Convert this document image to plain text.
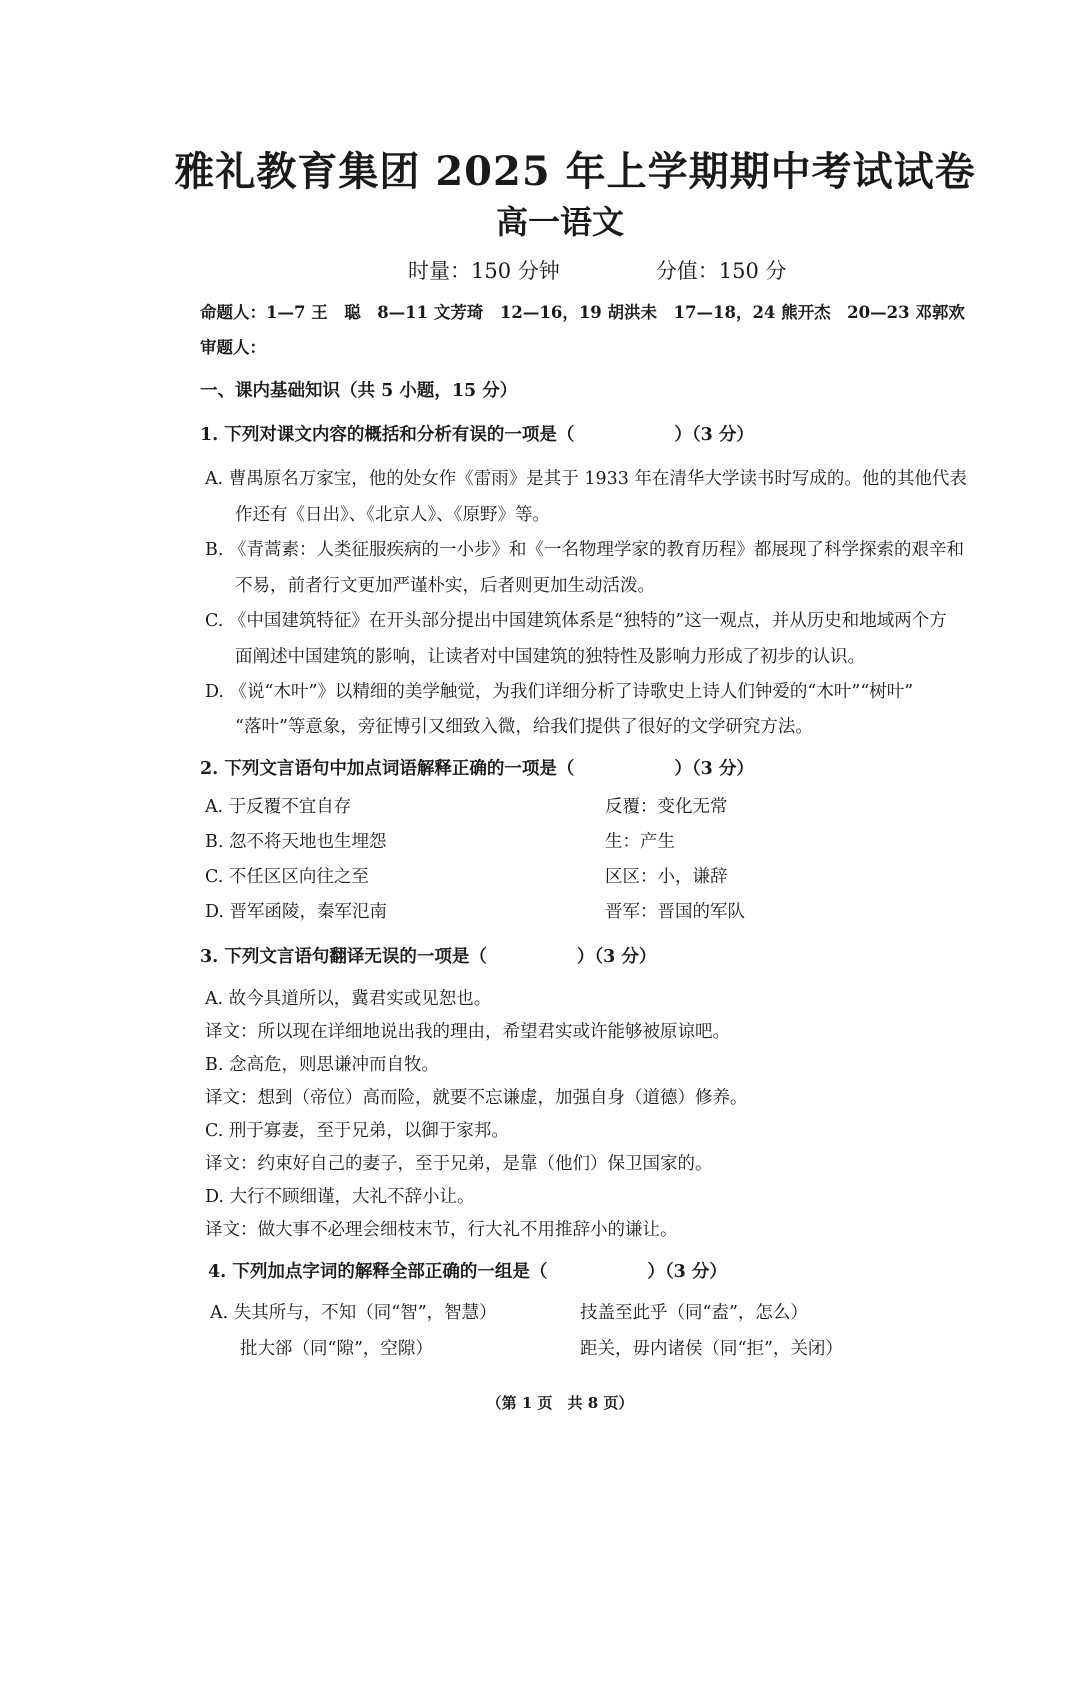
雅礼教育集团 2025 年上学期期中考试试卷
高一语文
时量：150 分钟	分值：150 分
命题人：1—7 王　聪　8—11 文芳琦　12—16，19 胡洪未　17—18，24 熊开杰　20—23 邓郭欢
审题人：
一、课内基础知识（共 5 小题，15 分）
1. 下列对课文内容的概括和分析有误的一项是（	）（3 分）
A. 曹禺原名万家宝，他的处女作《雷雨》是其于 1933 年在清华大学读书时写成的。他的其他代表
作还有《日出》、《北京人》、《原野》等。
B. 《青蒿素：人类征服疾病的一小步》和《一名物理学家的教育历程》都展现了科学探索的艰辛和
不易，前者行文更加严谨朴实，后者则更加生动活泼。
C. 《中国建筑特征》在开头部分提出中国建筑体系是“独特的”这一观点，并从历史和地域两个方
面阐述中国建筑的影响，让读者对中国建筑的独特性及影响力形成了初步的认识。
D. 《说“木叶”》以精细的美学触觉，为我们详细分析了诗歌史上诗人们钟爱的“木叶”“树叶”
“落叶”等意象，旁征博引又细致入微，给我们提供了很好的文学研究方法。
2. 下列文言语句中加点词语解释正确的一项是（	）（3 分）
A. 于反覆不宜自存	反覆：变化无常
B. 忽不将天地也生埋怨	生：产生
C. 不任区区向往之至	区区：小，谦辞
D. 晋军函陵，秦军氾南	晋军：晋国的军队
3. 下列文言语句翻译无误的一项是（	）（3 分）
A. 故今具道所以，冀君实或见恕也。
译文：所以现在详细地说出我的理由，希望君实或许能够被原谅吧。
B. 念高危，则思谦冲而自牧。
译文：想到（帝位）高而险，就要不忘谦虚，加强自身（道德）修养。
C. 刑于寡妻，至于兄弟，以御于家邦。
译文：约束好自己的妻子，至于兄弟，是靠（他们）保卫国家的。
D. 大行不顾细谨，大礼不辞小让。
译文：做大事不必理会细枝末节，行大礼不用推辞小的谦让。
4. 下列加点字词的解释全部正确的一组是（	）（3 分）
A. 失其所与，不知（同“智”，智慧）	技盖至此乎（同“盍”，怎么）
批大郤（同“隙”，空隙）	距关，毋内诸侯（同“拒”，关闭）
（第 1 页　共 8 页）
